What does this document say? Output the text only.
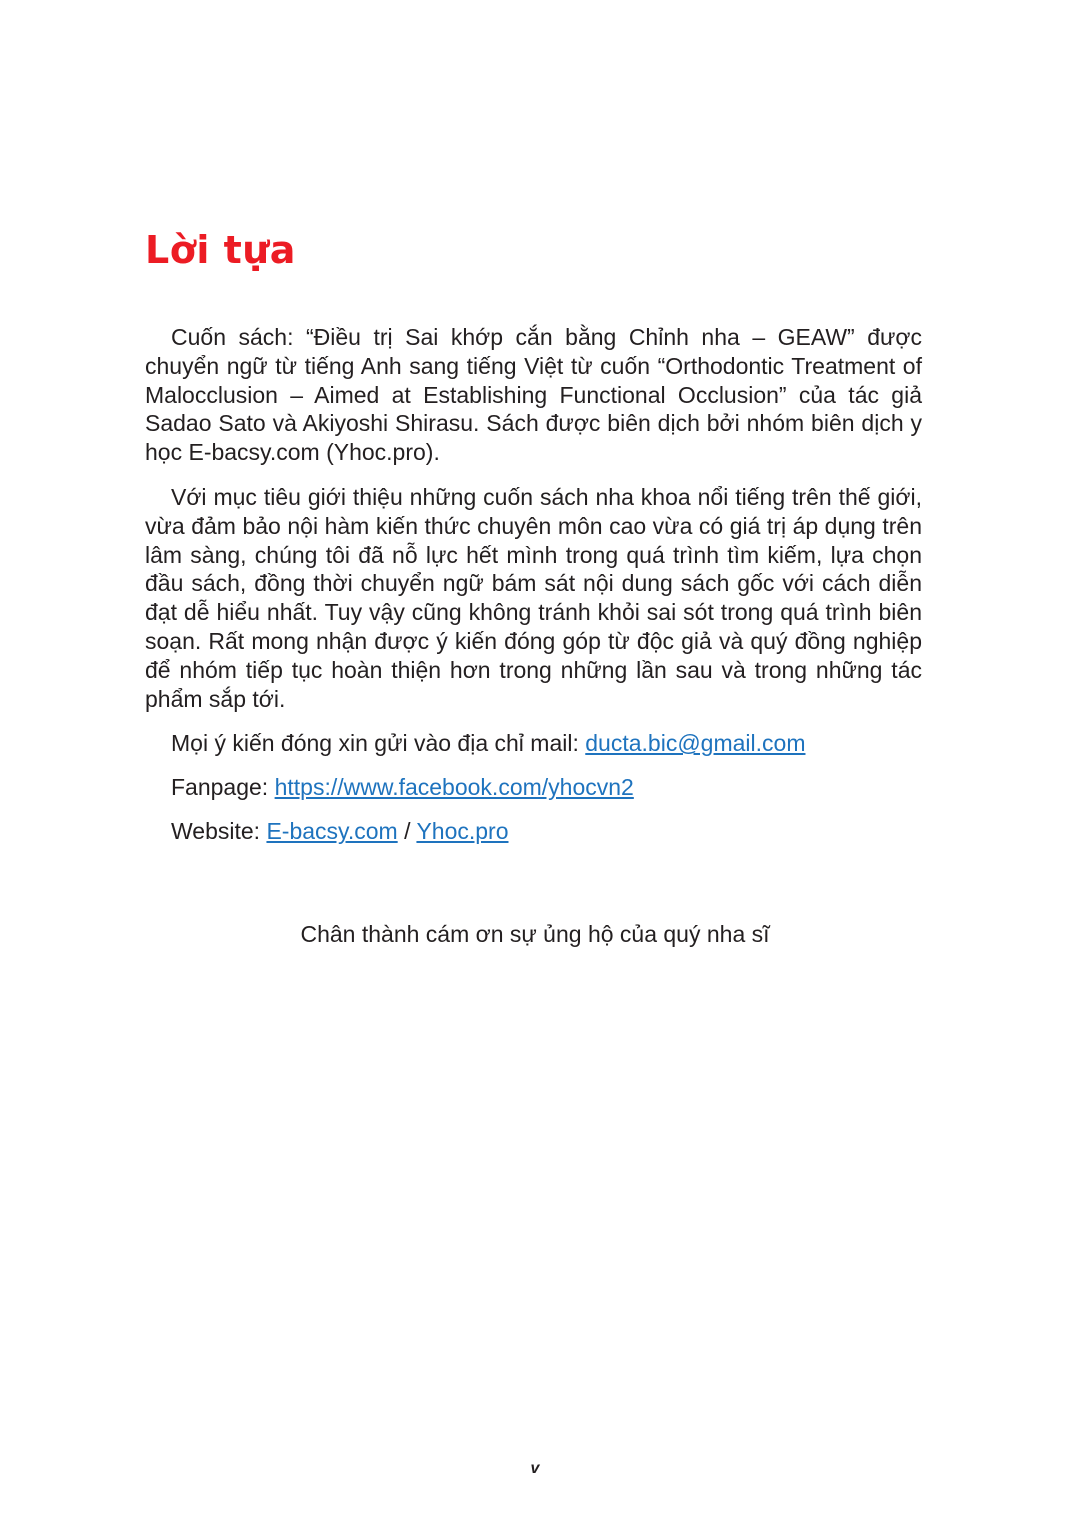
Lời tựa

Cuốn sách: “Điều trị Sai khớp cắn bằng Chỉnh nha – GEAW” được chuyển ngữ từ tiếng Anh sang tiếng Việt từ cuốn “Orthodontic Treatment of Malocclusion – Aimed at Establishing Functional Occlusion” của tác giả Sadao Sato và Akiyoshi Shirasu. Sách được biên dịch bởi nhóm biên dịch y học E-bacsy.com (Yhoc.pro).

Với mục tiêu giới thiệu những cuốn sách nha khoa nổi tiếng trên thế giới, vừa đảm bảo nội hàm kiến thức chuyên môn cao vừa có giá trị áp dụng trên lâm sàng, chúng tôi đã nỗ lực hết mình trong quá trình tìm kiếm, lựa chọn đầu sách, đồng thời chuyển ngữ bám sát nội dung sách gốc với cách diễn đạt dễ hiểu nhất. Tuy vậy cũng không tránh khỏi sai sót trong quá trình biên soạn. Rất mong nhận được ý kiến đóng góp từ độc giả và quý đồng nghiệp để nhóm tiếp tục hoàn thiện hơn trong những lần sau và trong những tác phẩm sắp tới.

Mọi ý kiến đóng xin gửi vào địa chỉ mail: ducta.bic@gmail.com
Fanpage: https://www.facebook.com/yhocvn2
Website: E-bacsy.com / Yhoc.pro
Chân thành cám ơn sự ủng hộ của quý nha sĩ
v
